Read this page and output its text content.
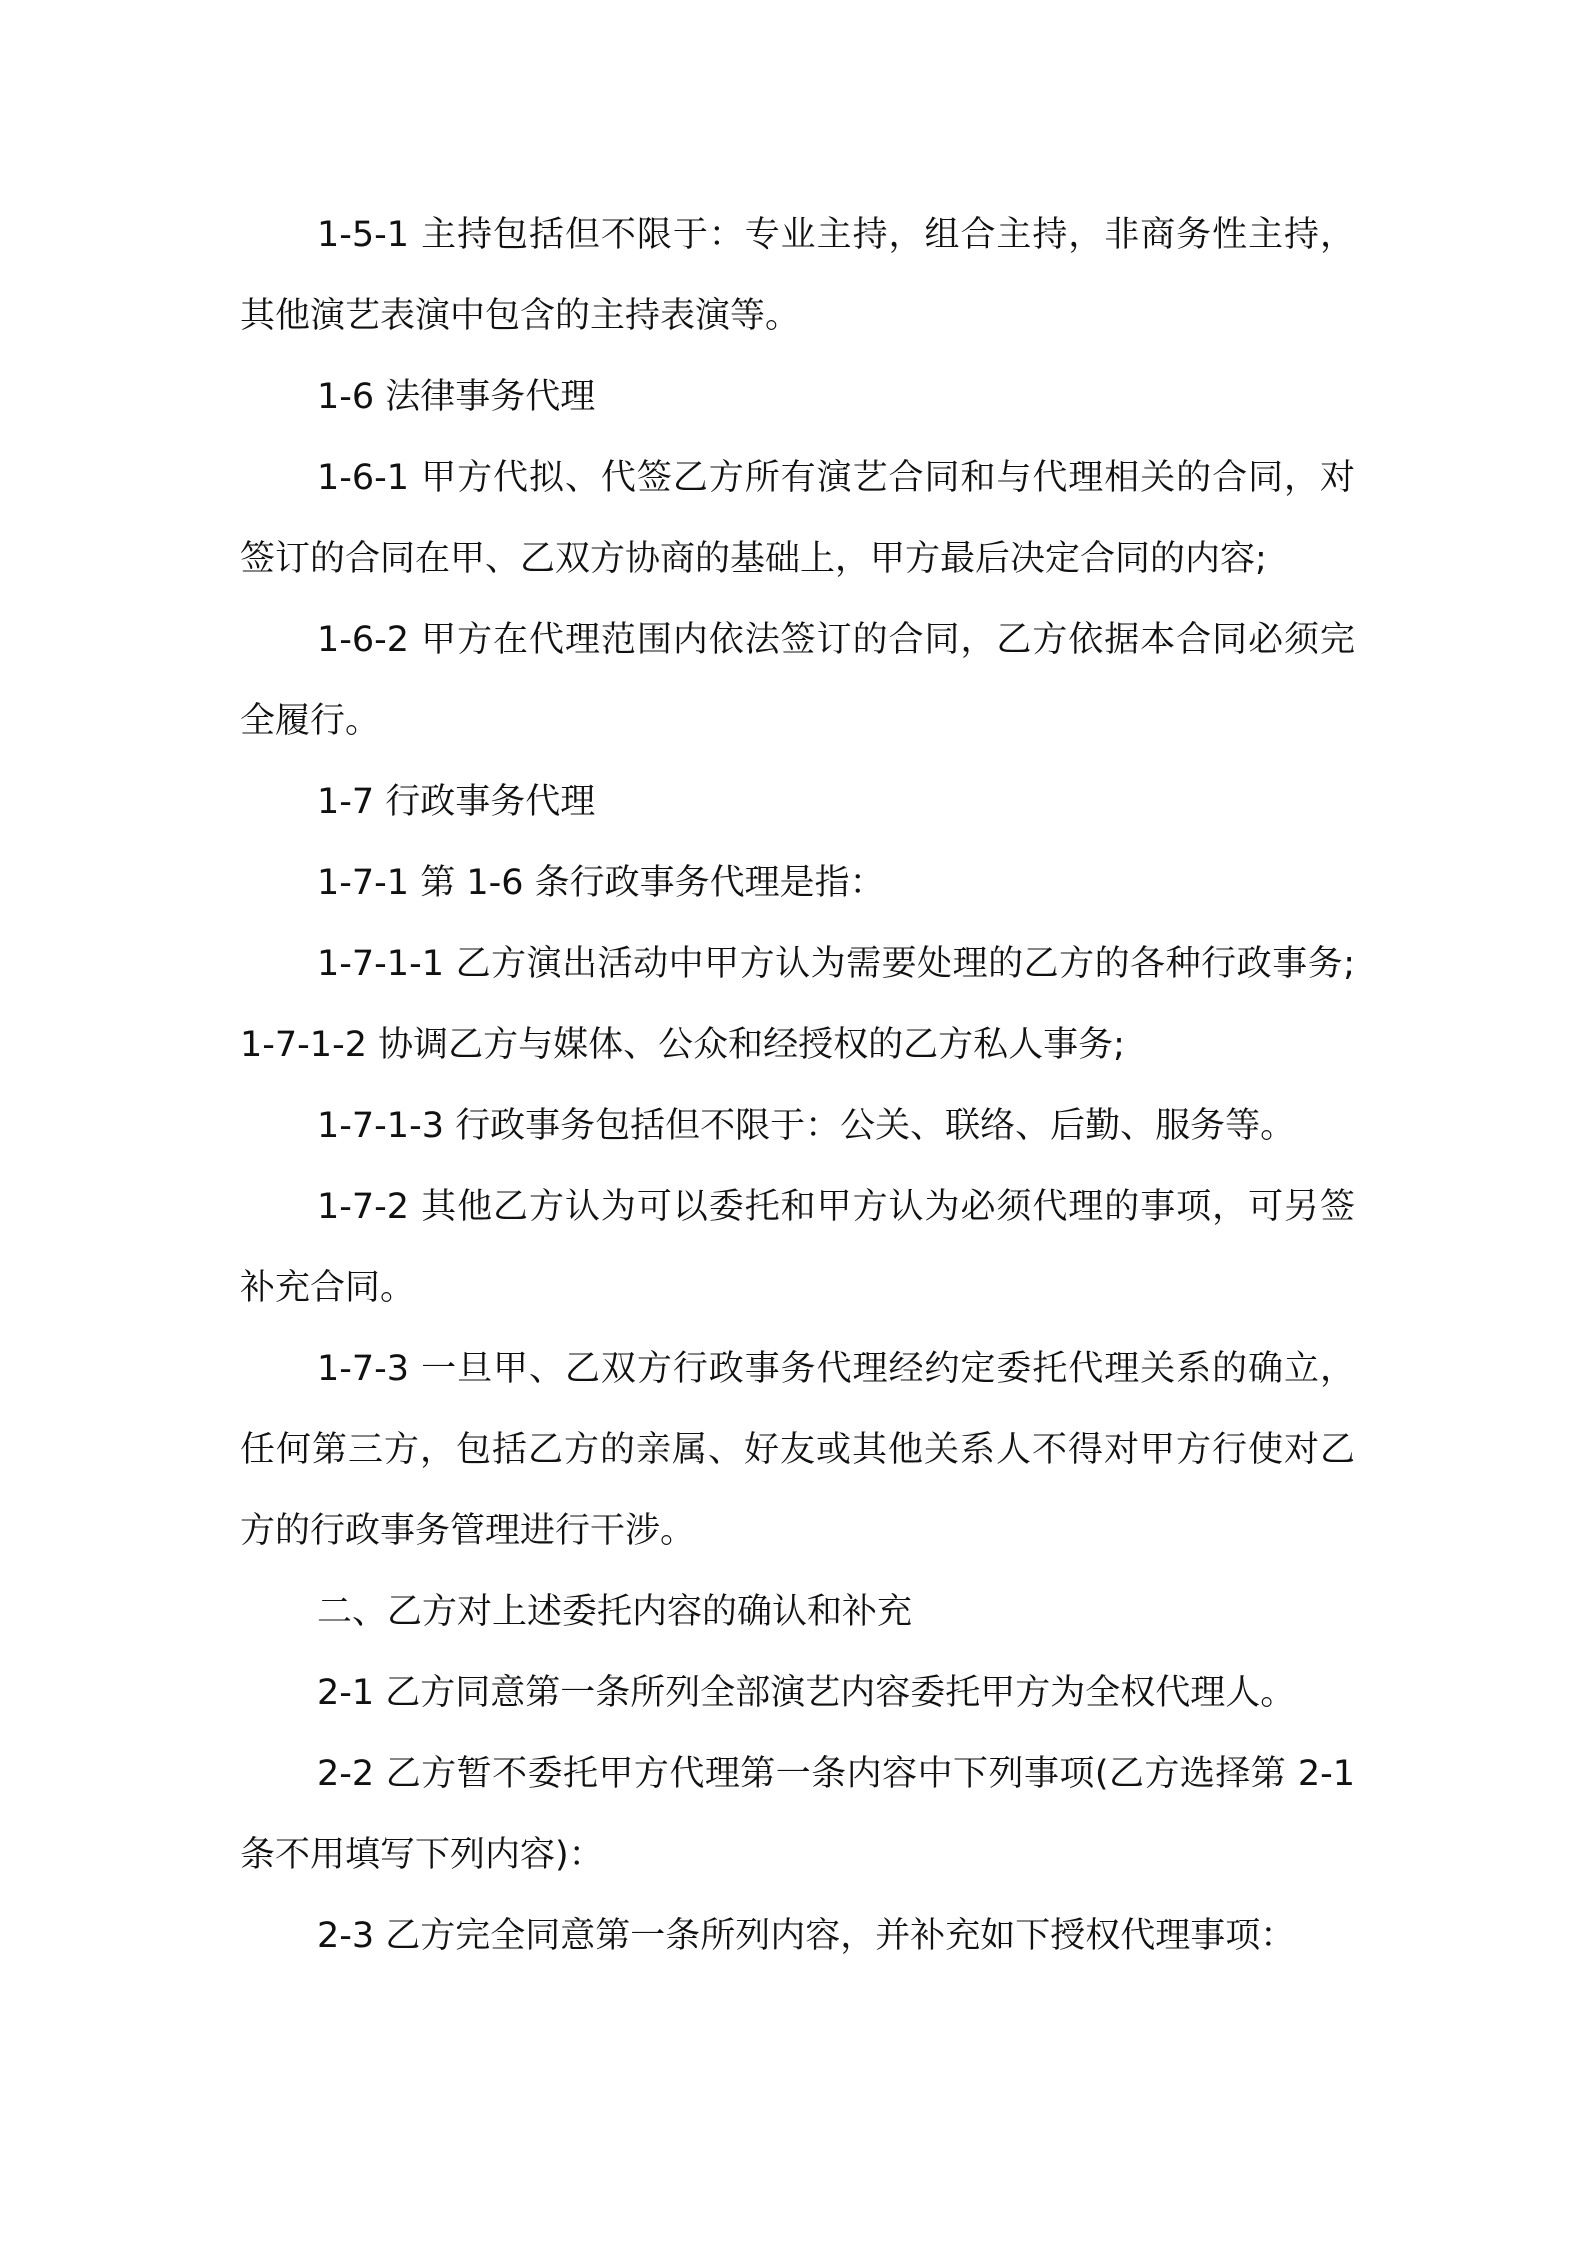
1-5-1 主持包括但不限于：专业主持，组合主持，非商务性主持，其他演艺表演中包含的主持表演等。

1-6 法律事务代理

1-6-1 甲方代拟、代签乙方所有演艺合同和与代理相关的合同，对签订的合同在甲、乙双方协商的基础上，甲方最后决定合同的内容;

1-6-2 甲方在代理范围内依法签订的合同，乙方依据本合同必须完全履行。

1-7 行政事务代理

1-7-1 第 1-6 条行政事务代理是指：

1-7-1-1 乙方演出活动中甲方认为需要处理的乙方的各种行政事务;1-7-1-2 协调乙方与媒体、公众和经授权的乙方私人事务;

1-7-1-3 行政事务包括但不限于：公关、联络、后勤、服务等。

1-7-2 其他乙方认为可以委托和甲方认为必须代理的事项，可另签补充合同。

1-7-3 一旦甲、乙双方行政事务代理经约定委托代理关系的确立，任何第三方，包括乙方的亲属、好友或其他关系人不得对甲方行使对乙方的行政事务管理进行干涉。

二、乙方对上述委托内容的确认和补充

2-1 乙方同意第一条所列全部演艺内容委托甲方为全权代理人。

2-2 乙方暂不委托甲方代理第一条内容中下列事项(乙方选择第 2-1 条不用填写下列内容)：

2-3 乙方完全同意第一条所列内容，并补充如下授权代理事项：
